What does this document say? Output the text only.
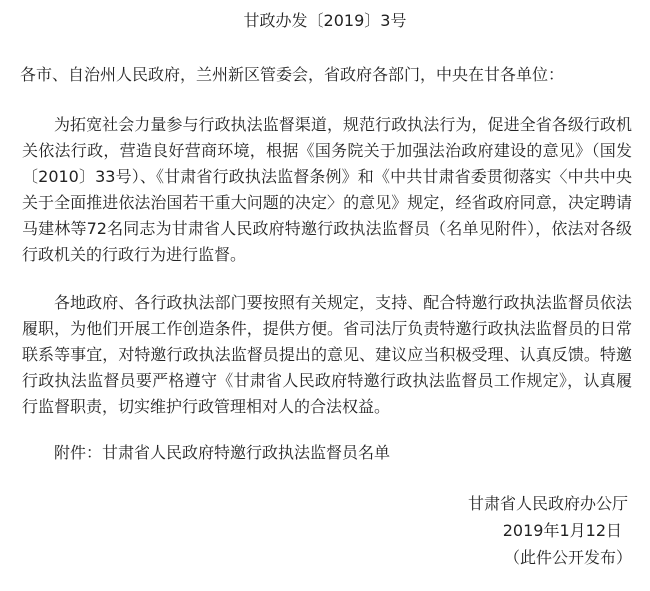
甘政办发〔2019〕3号
各市、自治州人民政府，兰州新区管委会，省政府各部门，中央在甘各单位：

为拓宽社会力量参与行政执法监督渠道，规范行政执法行为，促进全省各级行政机关依法行政，营造良好营商环境，根据《国务院关于加强法治政府建设的意见》（国发〔2010〕33号）、《甘肃省行政执法监督条例》和《中共甘肃省委贯彻落实〈中共中央关于全面推进依法治国若干重大问题的决定〉的意见》规定，经省政府同意，决定聘请马建林等72名同志为甘肃省人民政府特邀行政执法监督员（名单见附件），依法对各级行政机关的行政行为进行监督。

各地政府、各行政执法部门要按照有关规定，支持、配合特邀行政执法监督员依法履职，为他们开展工作创造条件，提供方便。省司法厅负责特邀行政执法监督员的日常联系等事宜，对特邀行政执法监督员提出的意见、建议应当积极受理、认真反馈。特邀行政执法监督员要严格遵守《甘肃省人民政府特邀行政执法监督员工作规定》，认真履行监督职责，切实维护行政管理相对人的合法权益。

附件：甘肃省人民政府特邀行政执法监督员名单
甘肃省人民政府办公厅
2019年1月12日
（此件公开发布）
